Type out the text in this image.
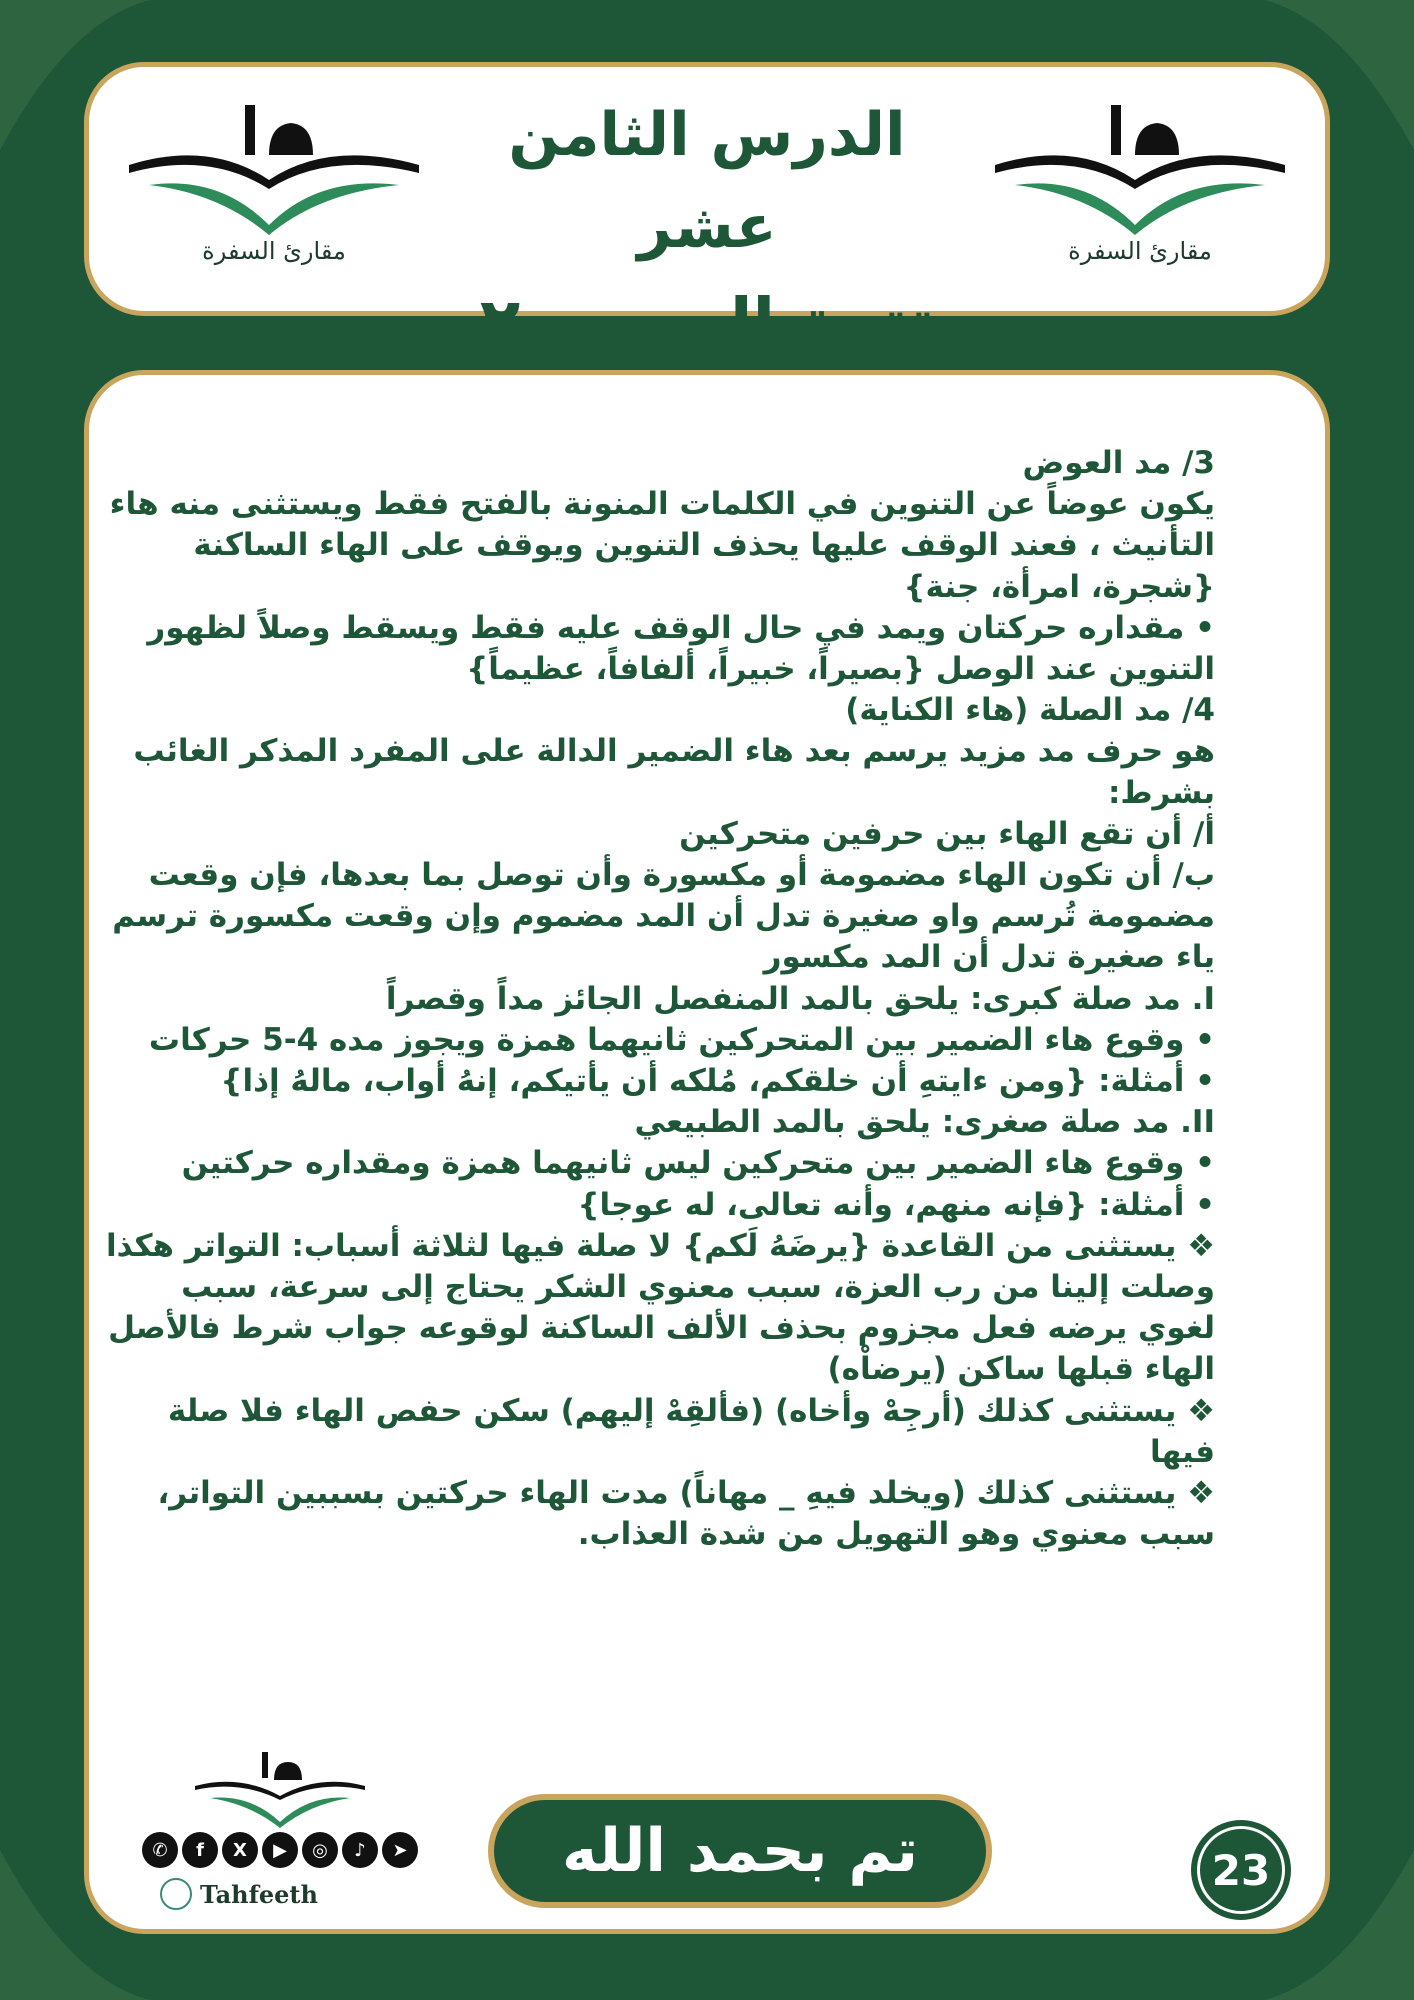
مقارئ السفرة
الدرس الثامن عشر
تتمة المدود -٢
مقارئ السفرة

3/ مد العوض

يكون عوضاً عن التنوين في الكلمات المنونة بالفتح فقط ويستثنى منه هاء التأنيث ، فعند الوقف عليها يحذف التنوين ويوقف على الهاء الساكنة {شجرة، امرأة، جنة}

• مقداره حركتان ويمد في حال الوقف عليه فقط ويسقط وصلاً لظهور التنوين عند الوصل {بصيراً، خبيراً، ألفافاً، عظيماً}

4/ مد الصلة (هاء الكناية)

هو حرف مد مزيد يرسم بعد هاء الضمير الدالة على المفرد المذكر الغائب بشرط:

أ/ أن تقع الهاء بين حرفين متحركين

ب/ أن تكون الهاء مضمومة أو مكسورة وأن توصل بما بعدها، فإن وقعت مضمومة تُرسم واو صغيرة تدل أن المد مضموم وإن وقعت مكسورة ترسم ياء صغيرة تدل أن المد مكسور

I. مد صلة كبرى: يلحق بالمد المنفصل الجائز مداً وقصراً

• وقوع هاء الضمير بين المتحركين ثانيهما همزة ويجوز مده 4-5 حركات

• أمثلة: {ومن ءايتهِ أن خلقكم، مُلكه أن يأتيكم، إنهُ أواب، مالهُ إذا}

II. مد صلة صغرى: يلحق بالمد الطبيعي

• وقوع هاء الضمير بين متحركين ليس ثانيهما همزة ومقداره حركتين

• أمثلة: {فإنه منهم، وأنه تعالى، له عوجا}

❖ يستثنى من القاعدة {يرضَهُ لَكم} لا صلة فيها لثلاثة أسباب: التواتر هكذا وصلت إلينا من رب العزة، سبب معنوي الشكر يحتاج إلى سرعة، سبب لغوي يرضه فعل مجزوم بحذف الألف الساكنة لوقوعه جواب شرط فالأصل الهاء قبلها ساكن (يرضاْه)

❖ يستثنى كذلك (أرجِهْ وأخاه) (فألقِهْ إليهم) سكن حفص الهاء فلا صلة فيها

❖ يستثنى كذلك (ويخلد فيهِ _ مهاناً) مدت الهاء حركتين بسببين التواتر، سبب معنوي وهو التهويل من شدة العذاب.

✆	f	X	▶	◎	♪	➤
Tahfeeth
تم بحمد الله	23
